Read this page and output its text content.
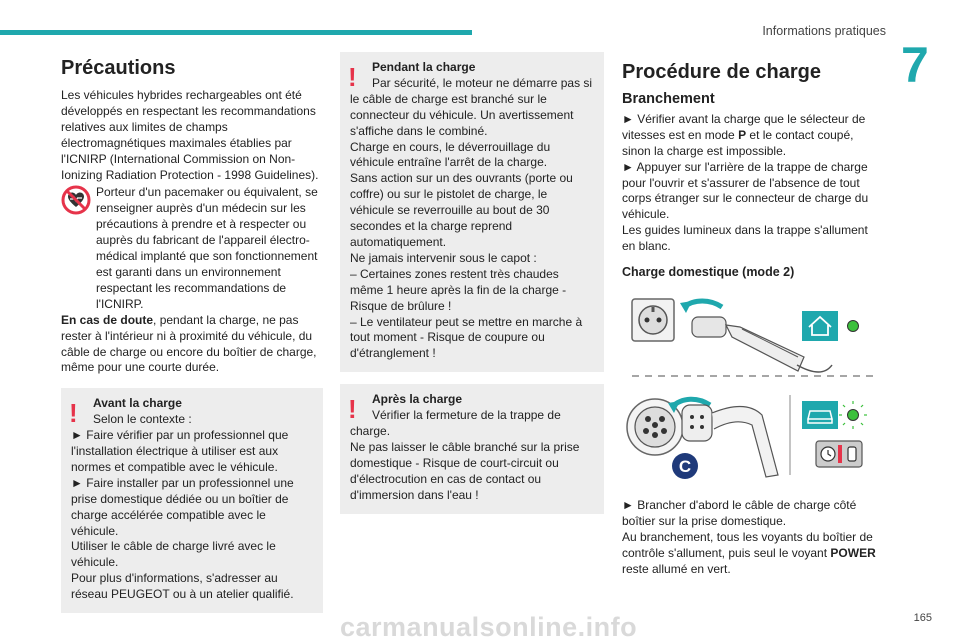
Informations pratiques
7
Précautions

Les véhicules hybrides rechargeables ont été développés en respectant les recommandations relatives aux limites de champs électromagnétiques maximales établies par l'ICNIRP (International Commission on Non-Ionizing Radiation Protection - 1998 Guidelines).

Porteur d'un pacemaker ou équivalent, se renseigner auprès d'un médecin sur les précautions à prendre et à respecter ou auprès du fabricant de l'appareil électro-médical implanté que son fonctionnement est garanti dans un environnement respectant les recommandations de l'ICNIRP.

En cas de doute, pendant la charge, ne pas rester à l'intérieur ni à proximité du véhicule, du câble de charge ou encore du boîtier de charge, même pour une courte durée.

!	Avant la charge
Selon le contexte :
► Faire vérifier par un professionnel que l'installation électrique à utiliser est aux normes et compatible avec le véhicule.
► Faire installer par un professionnel une prise domestique dédiée ou un boîtier de charge accélérée compatible avec le véhicule.
Utiliser le câble de charge livré avec le véhicule.
Pour plus d'informations, s'adresser au réseau PEUGEOT ou à un atelier qualifié.
!	Pendant la charge
Par sécurité, le moteur ne démarre pas si le câble de charge est branché sur le connecteur du véhicule. Un avertissement s'affiche dans le combiné.
Charge en cours, le déverrouillage du véhicule entraîne l'arrêt de la charge.
Sans action sur un des ouvrants (porte ou coffre) ou sur le pistolet de charge, le véhicule se reverrouille au bout de 30 secondes et la charge reprend automatiquement.
Ne jamais intervenir sous le capot :
– Certaines zones restent très chaudes même 1 heure après la fin de la charge - Risque de brûlure !
– Le ventilateur peut se mettre en marche à tout moment - Risque de coupure ou d'étranglement !
!	Après la charge
Vérifier la fermeture de la trappe de charge.
Ne pas laisser le câble branché sur la prise domestique - Risque de court-circuit ou d'électrocution en cas de contact ou d'immersion dans l'eau !
Procédure de charge
Branchement

► Vérifier avant la charge que le sélecteur de vitesses est en mode P et le contact coupé, sinon la charge est impossible.

► Appuyer sur l'arrière de la trappe de charge pour l'ouvrir et s'assurer de l'absence de tout corps étranger sur le connecteur de charge du véhicule.

Les guides lumineux dans la trappe s'allument en blanc.

Charge domestique (mode 2)
C

► Brancher d'abord le câble de charge côté boîtier sur la prise domestique.

Au branchement, tous les voyants du boîtier de contrôle s'allument, puis seul le voyant POWER reste allumé en vert.

carmanualsonline.info	165
